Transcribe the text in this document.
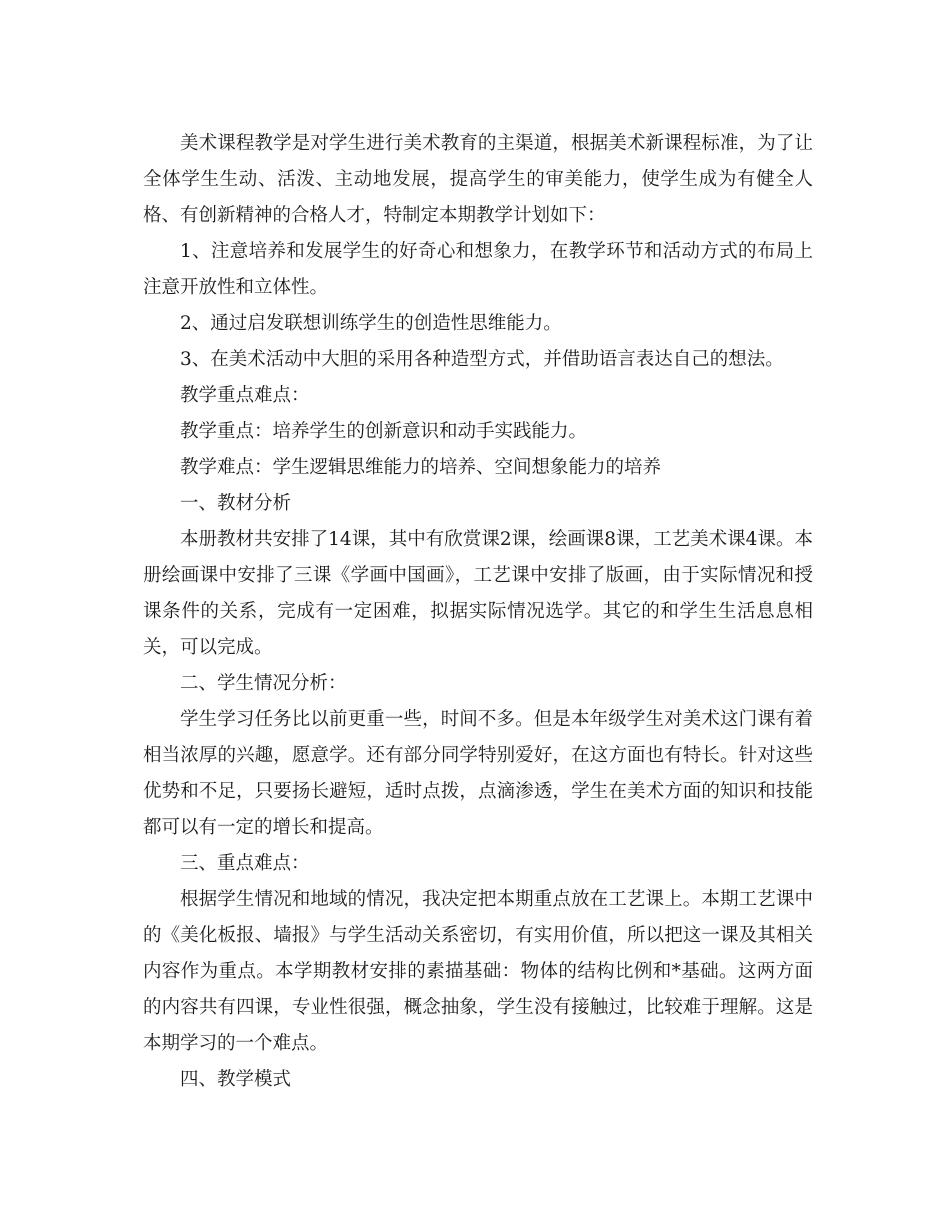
美术课程教学是对学生进行美术教育的主渠道，根据美术新课程标准，为了让全体学生生动、活泼、主动地发展，提高学生的审美能力，使学生成为有健全人格、有创新精神的合格人才，特制定本期教学计划如下：

1、注意培养和发展学生的好奇心和想象力，在教学环节和活动方式的布局上注意开放性和立体性。

2、通过启发联想训练学生的创造性思维能力。

3、在美术活动中大胆的采用各种造型方式，并借助语言表达自己的想法。

教学重点难点：

教学重点：培养学生的创新意识和动手实践能力。

教学难点：学生逻辑思维能力的培养、空间想象能力的培养

一、教材分析

本册教材共安排了14课，其中有欣赏课2课，绘画课8课，工艺美术课4课。本册绘画课中安排了三课《学画中国画》，工艺课中安排了版画，由于实际情况和授课条件的关系，完成有一定困难，拟据实际情况选学。其它的和学生生活息息相关，可以完成。

二、学生情况分析：

学生学习任务比以前更重一些，时间不多。但是本年级学生对美术这门课有着相当浓厚的兴趣，愿意学。还有部分同学特别爱好，在这方面也有特长。针对这些优势和不足，只要扬长避短，适时点拨，点滴渗透，学生在美术方面的知识和技能都可以有一定的增长和提高。

三、重点难点：

根据学生情况和地域的情况，我决定把本期重点放在工艺课上。本期工艺课中的《美化板报、墙报》与学生活动关系密切，有实用价值，所以把这一课及其相关内容作为重点。本学期教材安排的素描基础：物体的结构比例和*基础。这两方面的内容共有四课，专业性很强，概念抽象，学生没有接触过，比较难于理解。这是本期学习的一个难点。

四、教学模式
